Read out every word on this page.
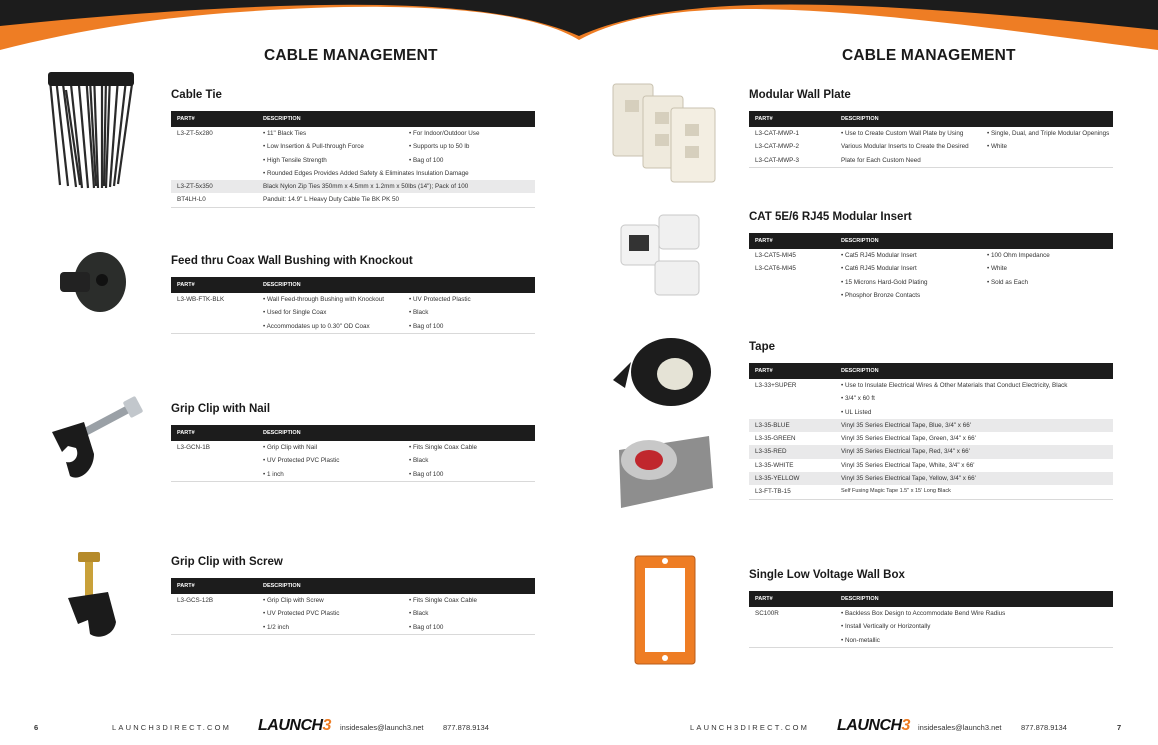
CABLE MANAGEMENT
Cable Tie
PART#	DESCRIPTION
L3-ZT-5x280	• 11" Black Ties	• For Indoor/Outdoor Use
• Low Insertion & Pull-through Force	• Supports up to 50 lb
• High Tensile Strength	• Bag of 100
• Rounded Edges Provides Added Safety & Eliminates Insulation Damage
L3-ZT-5x350	Black Nylon Zip Ties 350mm x 4.5mm x 1.2mm x 50lbs (14"); Pack of 100
BT4LH-L0	Panduit: 14.9" L Heavy Duty Cable Tie BK PK 50
Feed thru Coax Wall Bushing with Knockout
PART#	DESCRIPTION
L3-WB-FTK-BLK	• Wall Feed-through Bushing with Knockout	• UV Protected Plastic
• Used for Single Coax	• Black
• Accommodates up to 0.30" OD Coax	• Bag of 100
Grip Clip with Nail
PART#	DESCRIPTION
L3-GCN-1B	• Grip Clip with Nail	• Fits Single Coax Cable
• UV Protected PVC Plastic	• Black
• 1 inch	• Bag of 100
Grip Clip with Screw
PART#	DESCRIPTION
L3-GCS-12B	• Grip Clip with Screw	• Fits Single Coax Cable
• UV Protected PVC Plastic	• Black
• 1/2 inch	• Bag of 100
6	LAUNCH3DIRECT.COM LAUNCH3 insidesales@launch3.net	877.878.9134
CABLE MANAGEMENT
Modular Wall Plate
PART#	DESCRIPTION
L3-CAT-MWP-1	• Use to Create Custom Wall Plate by Using	• Single, Dual, and Triple Modular Openings
L3-CAT-MWP-2	Various Modular Inserts to Create the Desired	• White
L3-CAT-MWP-3	Plate for Each Custom Need
CAT 5E/6 RJ45 Modular Insert
PART#	DESCRIPTION
L3-CAT5-MI45	• Cat5 RJ45 Modular Insert	• 100 Ohm Impedance
L3-CAT6-MI45	• Cat6 RJ45 Modular Insert	• White
• 15 Microns Hard-Gold Plating	• Sold as Each
• Phosphor Bronze Contacts
Tape
PART#	DESCRIPTION
L3-33+SUPER	• Use to Insulate Electrical Wires & Other Materials that Conduct Electricity, Black
• 3/4" x 60 ft
• UL Listed
L3-35-BLUE	Vinyl 35 Series Electrical Tape, Blue, 3/4" x 66'
L3-35-GREEN	Vinyl 35 Series Electrical Tape, Green, 3/4" x 66'
L3-35-RED	Vinyl 35 Series Electrical Tape, Red, 3/4" x 66'
L3-35-WHITE	Vinyl 35 Series Electrical Tape, White, 3/4" x 66'
L3-35-YELLOW	Vinyl 35 Series Electrical Tape, Yellow, 3/4" x 66'
L3-FT-TB-15	Self Fusing Magic Tape 1.5" x 15' Long Black
Single Low Voltage Wall Box
PART#	DESCRIPTION
SC100R	• Backless Box Design to Accommodate Bend Wire Radius
• Install Vertically or Horizontally
• Non-metallic
LAUNCH3DIRECT.COM LAUNCH3 insidesales@launch3.net	877.878.9134	7
